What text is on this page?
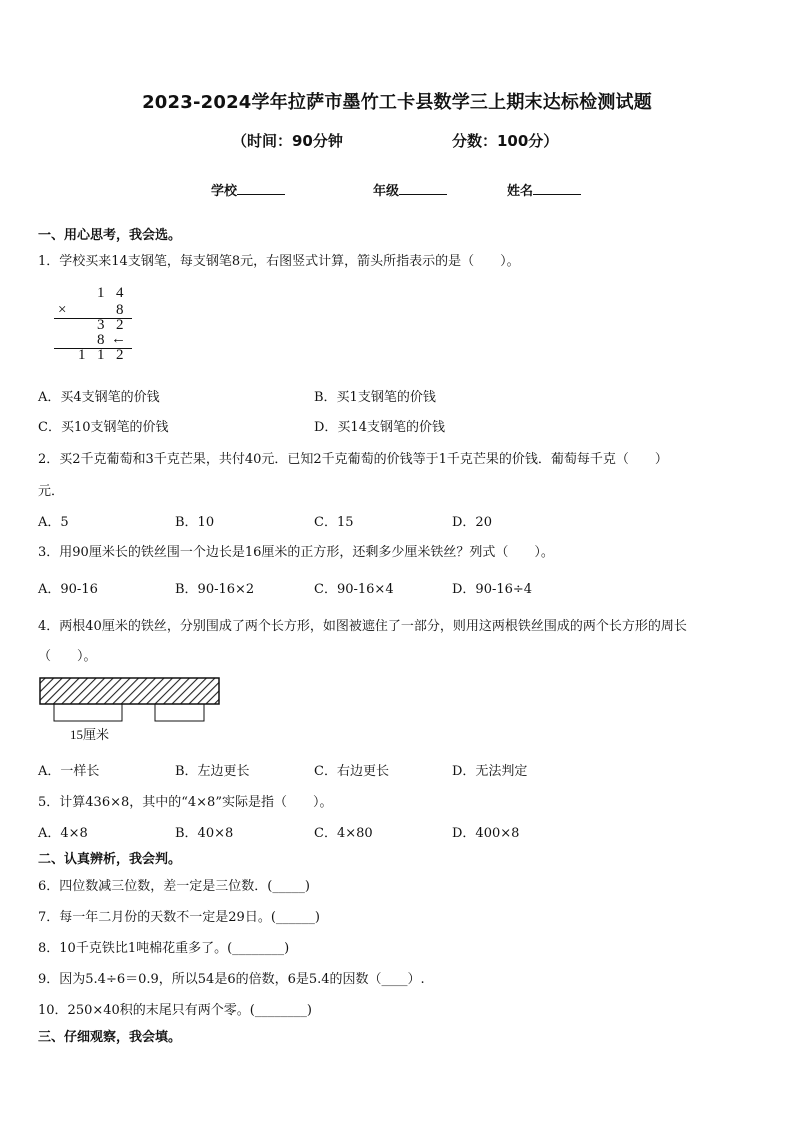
2023-2024学年拉萨市墨竹工卡县数学三上期末达标检测试题
（时间：90分钟	分数：100分）
学校	年级	姓名
一、用心思考，我会选。
1．学校买来14支钢笔，每支钢笔8元，右图竖式计算，箭头所指表示的是（　　）。
1 4
×	8
3 2
8 ←
1 1 2
A．买4支钢笔的价钱	B．买1支钢笔的价钱
C．买10支钢笔的价钱	D．买14支钢笔的价钱
2．买2千克葡萄和3千克芒果，共付40元．已知2千克葡萄的价钱等于1千克芒果的价钱．葡萄每千克（　　）
元．
A．5	B．10	C．15	D．20
3．用90厘米长的铁丝围一个边长是16厘米的正方形，还剩多少厘米铁丝？列式（　　）。
A．90-16	B．90-16×2	C．90-16×4	D．90-16÷4
4．两根40厘米的铁丝，分别围成了两个长方形，如图被遮住了一部分，则用这两根铁丝围成的两个长方形的周长
（　　）。
15厘米
A．一样长	B．左边更长	C．右边更长	D．无法判定
5．计算436×8，其中的“4×8”实际是指（　　）。
A．4×8	B．40×8	C．4×80	D．400×8
二、认真辨析，我会判。
6．四位数减三位数，差一定是三位数．(_____)
7．每一年二月份的天数不一定是29日。(______)
8．10千克铁比1吨棉花重多了。(________)
9．因为5.4÷6＝0.9，所以54是6的倍数，6是5.4的因数（____）.
10．250×40积的末尾只有两个零。(________)
三、仔细观察，我会填。
